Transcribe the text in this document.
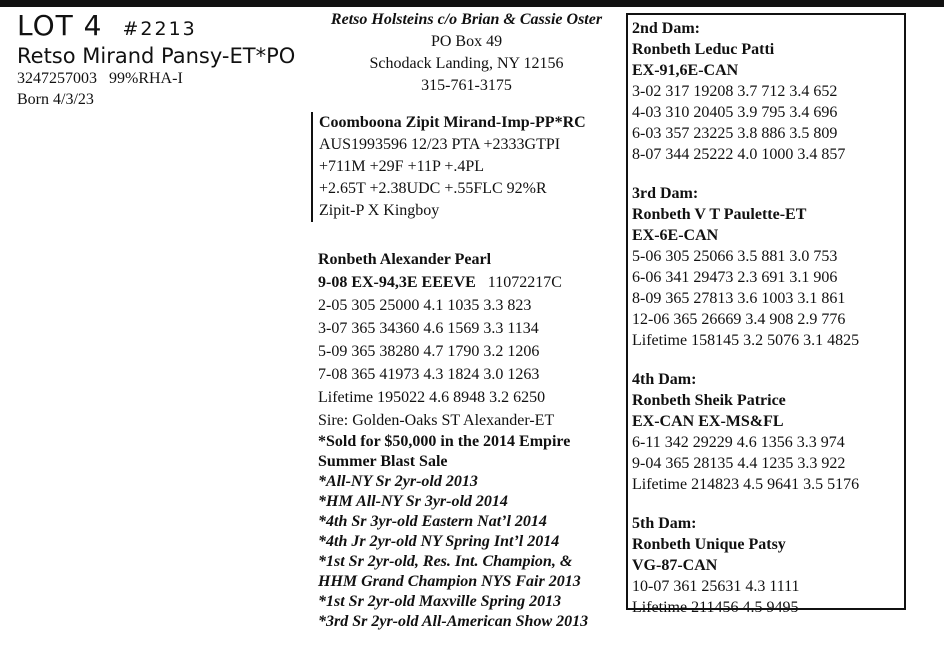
LOT 4 #2213
Retso Mirand Pansy-ET*PO
3247257003 99%RHA-I
Born 4/3/23
Retso Holsteins c/o Brian & Cassie Oster
PO Box 49
Schodack Landing, NY 12156
315-761-3175
Coomboona Zipit Mirand-Imp-PP*RC
AUS1993596 12/23 PTA +2333GTPI
+711M +29F +11P +.4PL
+2.65T +2.38UDC +.55FLC 92%R
Zipit-P X Kingboy
Ronbeth Alexander Pearl
9-08 EX-94,3E EEEVE 11072217C
2-05 305 25000 4.1 1035 3.3 823
3-07 365 34360 4.6 1569 3.3 1134
5-09 365 38280 4.7 1790 3.2 1206
7-08 365 41973 4.3 1824 3.0 1263
Lifetime 195022 4.6 8948 3.2 6250
Sire: Golden-Oaks ST Alexander-ET
*Sold for $50,000 in the 2014 Empire
Summer Blast Sale
*All-NY Sr 2yr-old 2013
*HM All-NY Sr 3yr-old 2014
*4th Sr 3yr-old Eastern Nat’l 2014
*4th Jr 2yr-old NY Spring Int’l 2014
*1st Sr 2yr-old, Res. Int. Champion, &
HHM Grand Champion NYS Fair 2013
*1st Sr 2yr-old Maxville Spring 2013
*3rd Sr 2yr-old All-American Show 2013
2nd Dam:
Ronbeth Leduc Patti
EX-91,6E-CAN
3-02 317 19208 3.7 712 3.4 652
4-03 310 20405 3.9 795 3.4 696
6-03 357 23225 3.8 886 3.5 809
8-07 344 25222 4.0 1000 3.4 857
3rd Dam:
Ronbeth V T Paulette-ET
EX-6E-CAN
5-06 305 25066 3.5 881 3.0 753
6-06 341 29473 2.3 691 3.1 906
8-09 365 27813 3.6 1003 3.1 861
12-06 365 26669 3.4 908 2.9 776
Lifetime 158145 3.2 5076 3.1 4825
4th Dam:
Ronbeth Sheik Patrice
EX-CAN EX-MS&FL
6-11 342 29229 4.6 1356 3.3 974
9-04 365 28135 4.4 1235 3.3 922
Lifetime 214823 4.5 9641 3.5 5176
5th Dam:
Ronbeth Unique Patsy
VG-87-CAN
10-07 361 25631 4.3 1111
Lifetime 211456 4.5 9495
